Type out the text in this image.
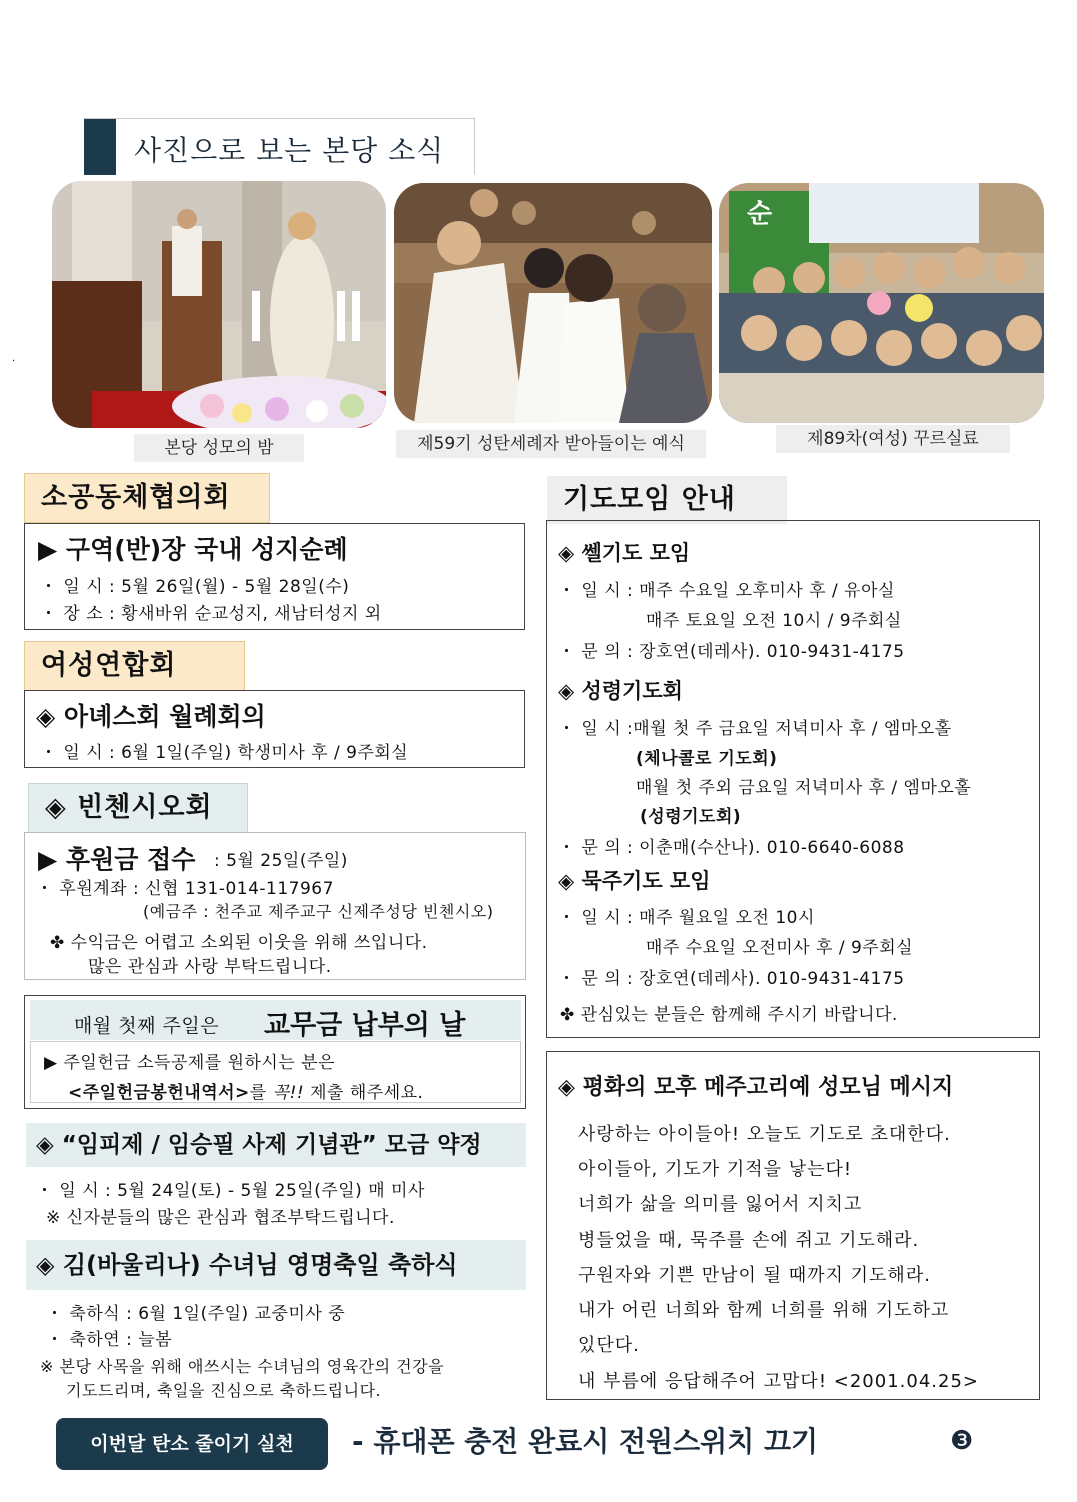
사진으로 보는 본당 소식
·
본당 성모의 밤	제59기 성탄세례자 받아들이는 예식
순
제89차(여성) 꾸르실료
소공동체협의회
▶ 구역(반)장 국내 성지순례
・ 일 시 : 5월 26일(월) - 5월 28일(수)
・ 장 소 : 황새바위 순교성지, 새남터성지 외
여성연합회
◈ 아녜스회 월례회의
・ 일 시 : 6월 1일(주일) 학생미사 후 / 9주회실
◈ 빈첸시오회
▶ 후원금 접수 : 5월 25일(주일)
・ 후원계좌 : 신협 131-014-117967
(예금주 : 천주교 제주교구 신제주성당 빈첸시오)
✤ 수익금은 어렵고 소외된 이웃을 위해 쓰입니다.
많은 관심과 사랑 부탁드립니다.
매월 첫째 주일은 교무금 납부의 날
▶ 주일헌금 소득공제를 원하시는 분은
<주일헌금봉헌내역서>를 꼭!! 제출 해주세요.
◈ “임피제 / 임승필 사제 기념관” 모금 약정
・ 일 시 : 5월 24일(토) - 5월 25일(주일) 매 미사
※ 신자분들의 많은 관심과 협조부탁드립니다.
◈ 김(바울리나) 수녀님 영명축일 축하식
・ 축하식 : 6월 1일(주일) 교중미사 중
・ 축하연 : 늘봄
※ 본당 사목을 위해 애쓰시는 수녀님의 영육간의 건강을
기도드리며, 축일을 진심으로 축하드립니다.
기도모임 안내
◈ 쎌기도 모임
・ 일 시 : 매주 수요일 오후미사 후 / 유아실
매주 토요일 오전 10시 / 9주회실
・ 문 의 : 장호연(데레사). 010-9431-4175
◈ 성령기도회
・ 일 시 :매월 첫 주 금요일 저녁미사 후 / 엠마오홀
(체나콜로 기도회)
매월 첫 주외 금요일 저녁미사 후 / 엠마오홀
(성령기도회)
・ 문 의 : 이춘매(수산나). 010-6640-6088
◈ 묵주기도 모임
・ 일 시 : 매주 월요일 오전 10시
매주 수요일 오전미사 후 / 9주회실
・ 문 의 : 장호연(데레사). 010-9431-4175
✤ 관심있는 분들은 함께해 주시기 바랍니다.
◈ 평화의 모후 메주고리예 성모님 메시지
사랑하는 아이들아! 오늘도 기도로 초대한다.
아이들아, 기도가 기적을 낳는다!
너희가 삶을 의미를 잃어서 지치고
병들었을 때, 묵주를 손에 쥐고 기도해라.
구원자와 기쁜 만남이 될 때까지 기도해라.
내가 어린 너희와 함께 너희를 위해 기도하고
있단다.
내 부름에 응답해주어 고맙다! <2001.04.25>
이번달 탄소 줄이기 실천	- 휴대폰 충전 완료시 전원스위치 끄기	❸
